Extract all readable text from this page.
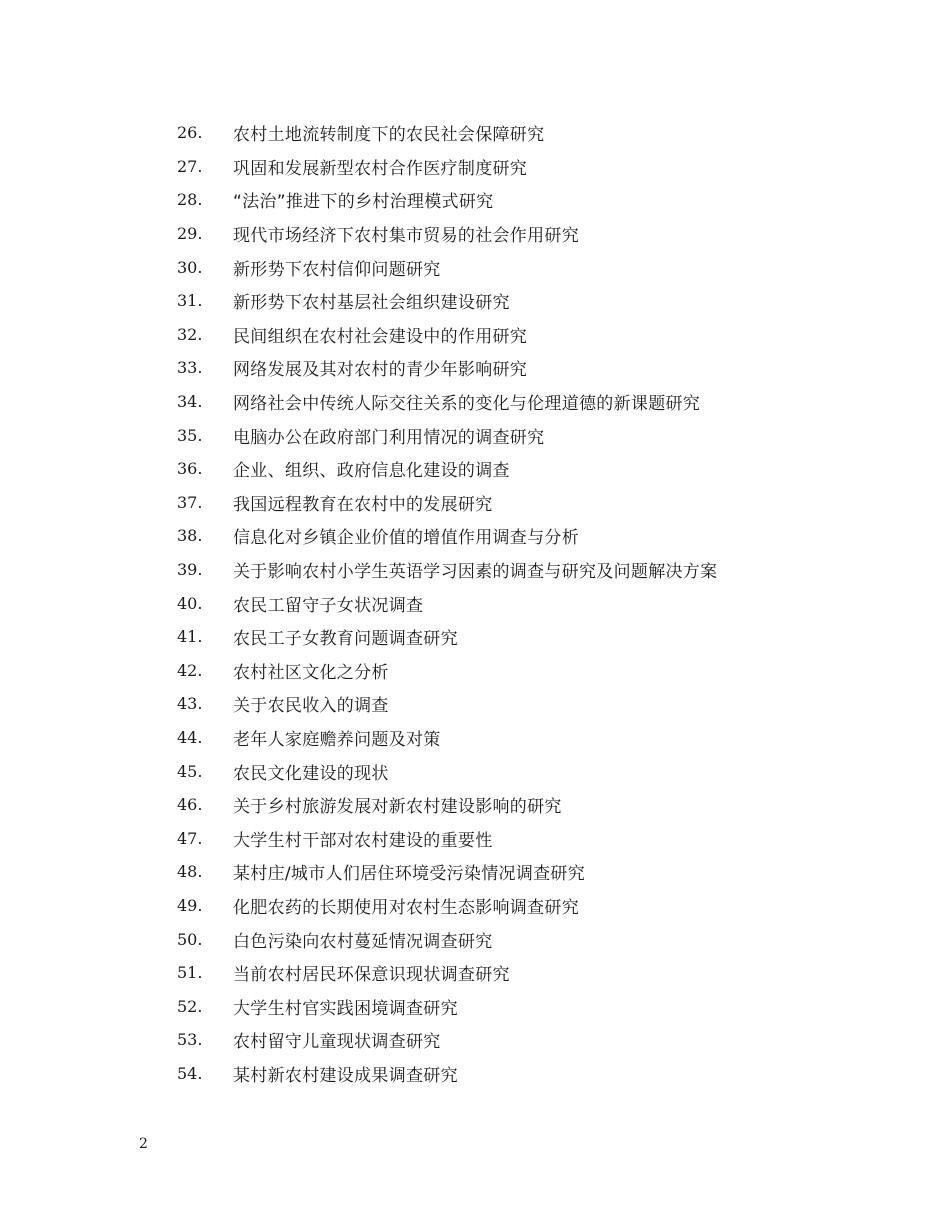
26.	农村土地流转制度下的农民社会保障研究
27.	巩固和发展新型农村合作医疗制度研究
28.	“法治”推进下的乡村治理模式研究
29.	现代市场经济下农村集市贸易的社会作用研究
30.	新形势下农村信仰问题研究
31.	新形势下农村基层社会组织建设研究
32.	民间组织在农村社会建设中的作用研究
33.	网络发展及其对农村的青少年影响研究
34.	网络社会中传统人际交往关系的变化与伦理道德的新课题研究
35.	电脑办公在政府部门利用情况的调查研究
36.	企业、组织、政府信息化建设的调查
37.	我国远程教育在农村中的发展研究
38.	信息化对乡镇企业价值的增值作用调查与分析
39.	关于影响农村小学生英语学习因素的调查与研究及问题解决方案
40.	农民工留守子女状况调查
41.	农民工子女教育问题调查研究
42.	农村社区文化之分析
43.	关于农民收入的调查
44.	老年人家庭赡养问题及对策
45.	农民文化建设的现状
46.	关于乡村旅游发展对新农村建设影响的研究
47.	大学生村干部对农村建设的重要性
48.	某村庄/城市人们居住环境受污染情况调查研究
49.	化肥农药的长期使用对农村生态影响调查研究
50.	白色污染向农村蔓延情况调查研究
51.	当前农村居民环保意识现状调查研究
52.	大学生村官实践困境调查研究
53.	农村留守儿童现状调查研究
54.	某村新农村建设成果调查研究
2
